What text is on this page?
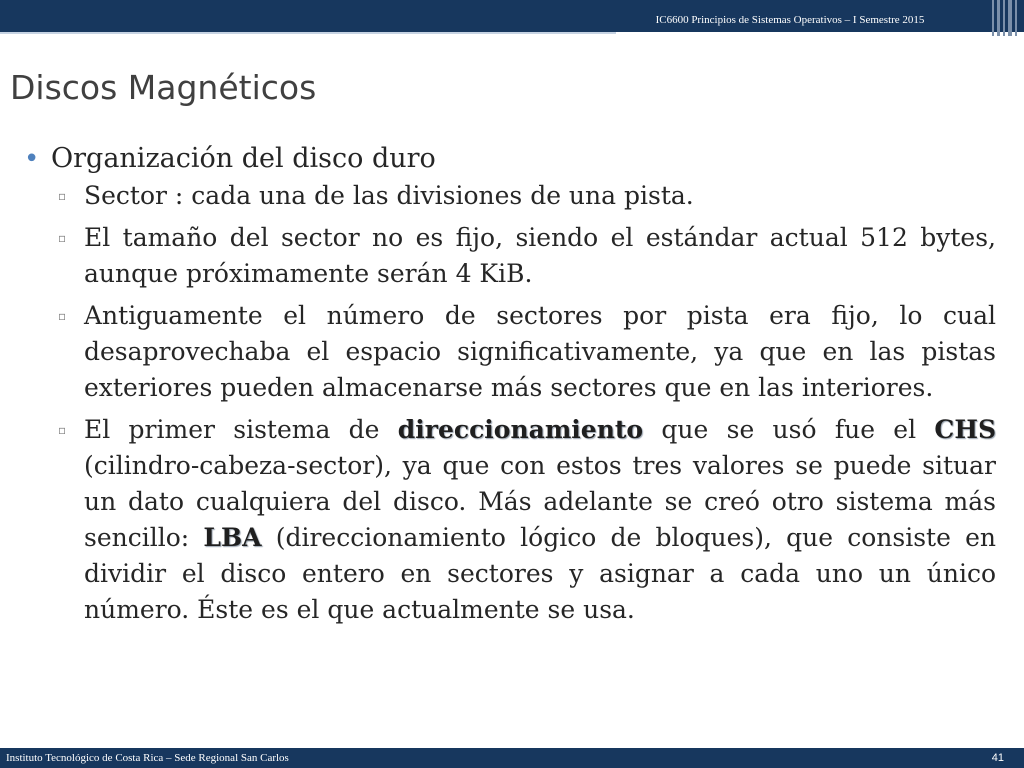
IC6600 Principios de Sistemas Operativos – I Semestre 2015
Discos Magnéticos
• Organización del disco duro
▫ Sector : cada una de las divisiones de una pista.
▫ El tamaño del sector no es fijo, siendo el estándar actual 512 bytes, aunque próximamente serán 4 KiB.
▫ Antiguamente el número de sectores por pista era fijo, lo cual desaprovechaba el espacio significativamente, ya que en las pistas exteriores pueden almacenarse más sectores que en las interiores.
▫ El primer sistema de direccionamiento que se usó fue el CHS (cilindro-cabeza-sector), ya que con estos tres valores se puede situar un dato cualquiera del disco. Más adelante se creó otro sistema más sencillo: LBA (direccionamiento lógico de bloques), que consiste en dividir el disco entero en sectores y asignar a cada uno un único número. Éste es el que actualmente se usa.
Instituto Tecnológico de Costa Rica – Sede Regional San Carlos	41
